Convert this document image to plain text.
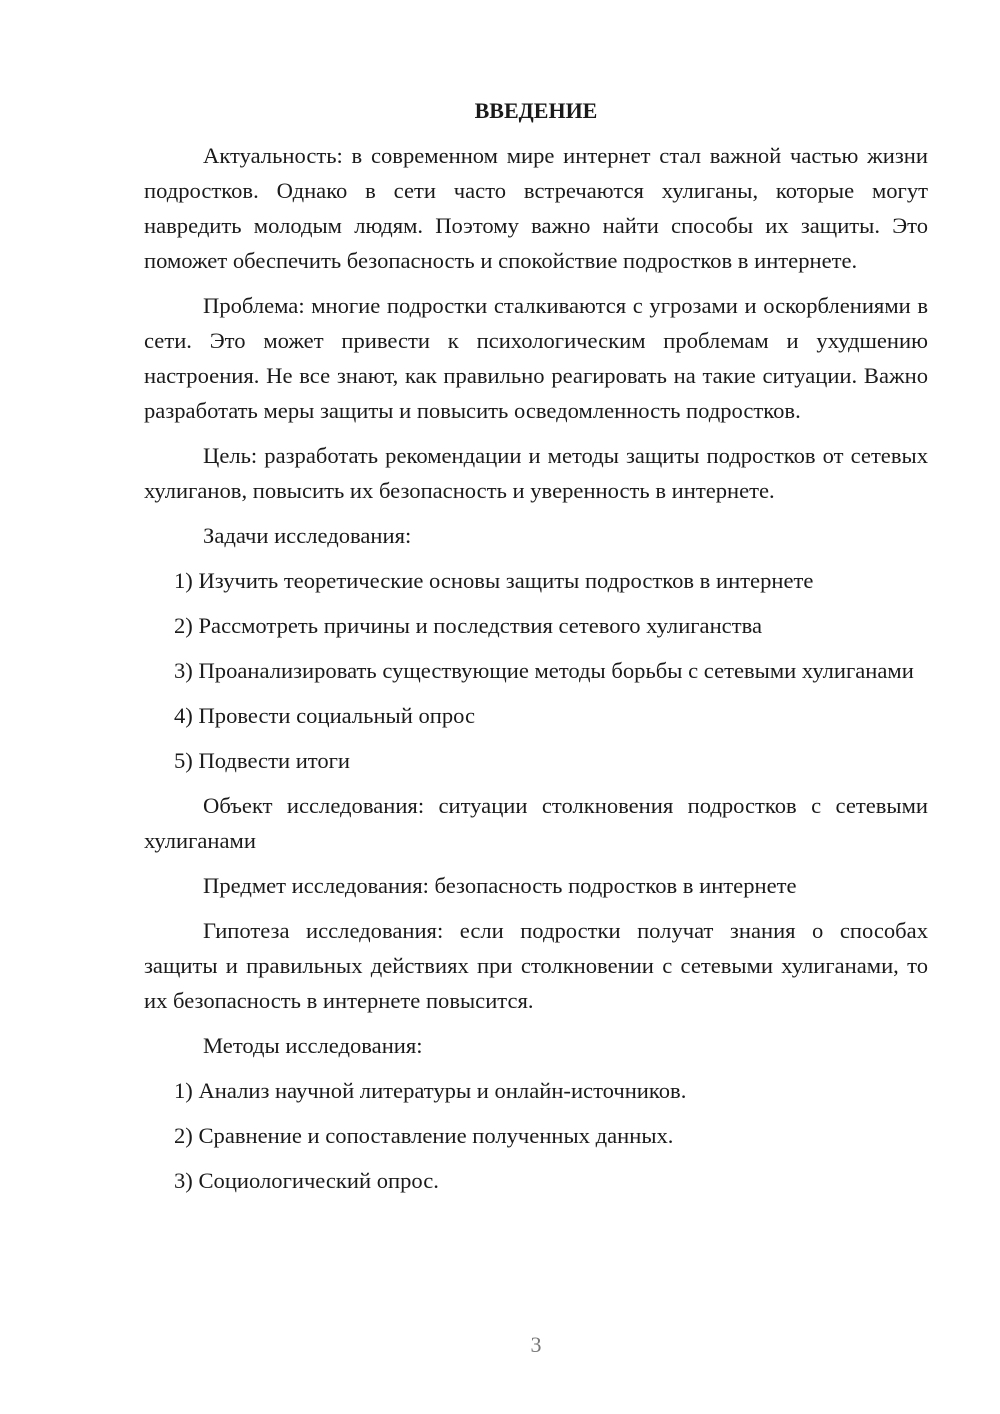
ВВЕДЕНИЕ

Актуальность: в современном мире интернет стал важной частью жизни подростков. Однако в сети часто встречаются хулиганы, которые могут навредить молодым людям. Поэтому важно найти способы их защиты. Это поможет обеспечить безопасность и спокойствие подростков в интернете.

Проблема: многие подростки сталкиваются с угрозами и оскорблениями в сети. Это может привести к психологическим проблемам и ухудшению настроения. Не все знают, как правильно реагировать на такие ситуации. Важно разработать меры защиты и повысить осведомленность подростков.

Цель: разработать рекомендации и методы защиты подростков от сетевых хулиганов, повысить их безопасность и уверенность в интернете.

Задачи исследования:

1) Изучить теоретические основы защиты подростков в интернете

2) Рассмотреть причины и последствия сетевого хулиганства

3) Проанализировать существующие методы борьбы с сетевыми хулиганами

4) Провести социальный опрос

5) Подвести итоги

Объект исследования: ситуации столкновения подростков с сетевыми хулиганами

Предмет исследования: безопасность подростков в интернете

Гипотеза исследования: если подростки получат знания о способах защиты и правильных действиях при столкновении с сетевыми хулиганами, то их безопасность в интернете повысится.

Методы исследования:

1) Анализ научной литературы и онлайн-источников.

2) Сравнение и сопоставление полученных данных.

3) Социологический опрос.

3
